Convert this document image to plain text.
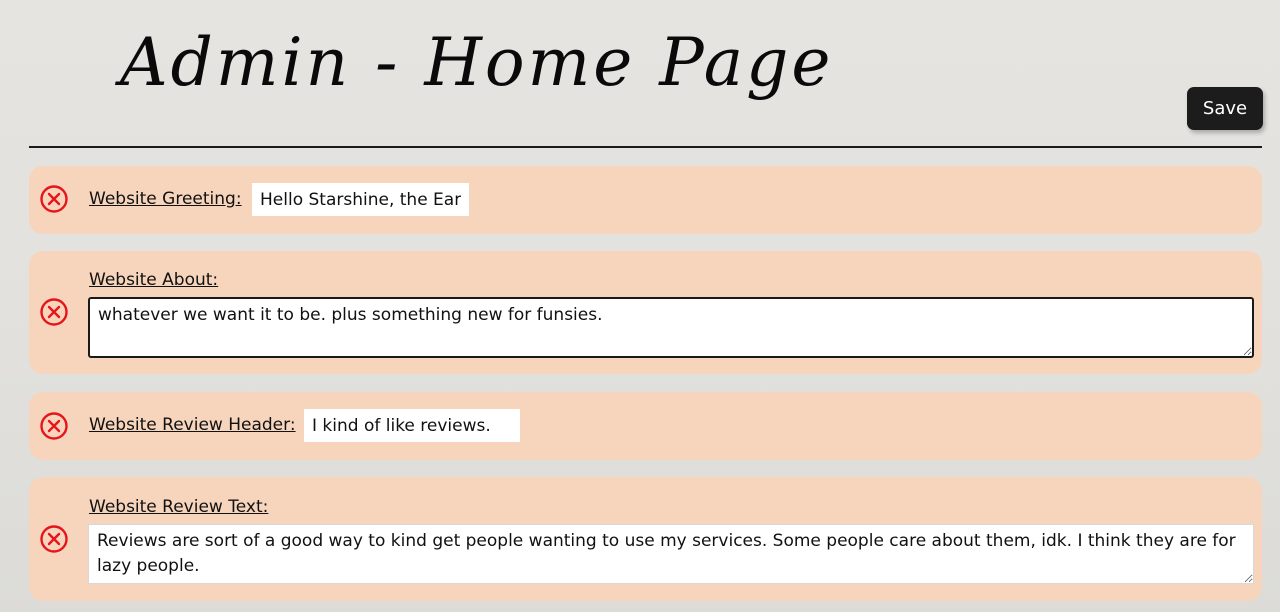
Admin - Home Page
Save
Website Greeting:
Hello Starshine, the Earth
Website About:
whatever we want it to be. plus something new for funsies.
Website Review Header:
I kind of like reviews.
Website Review Text:
Reviews are sort of a good way to kind get people wanting to use my services. Some people care about them, idk. I think they are for lazy people.
